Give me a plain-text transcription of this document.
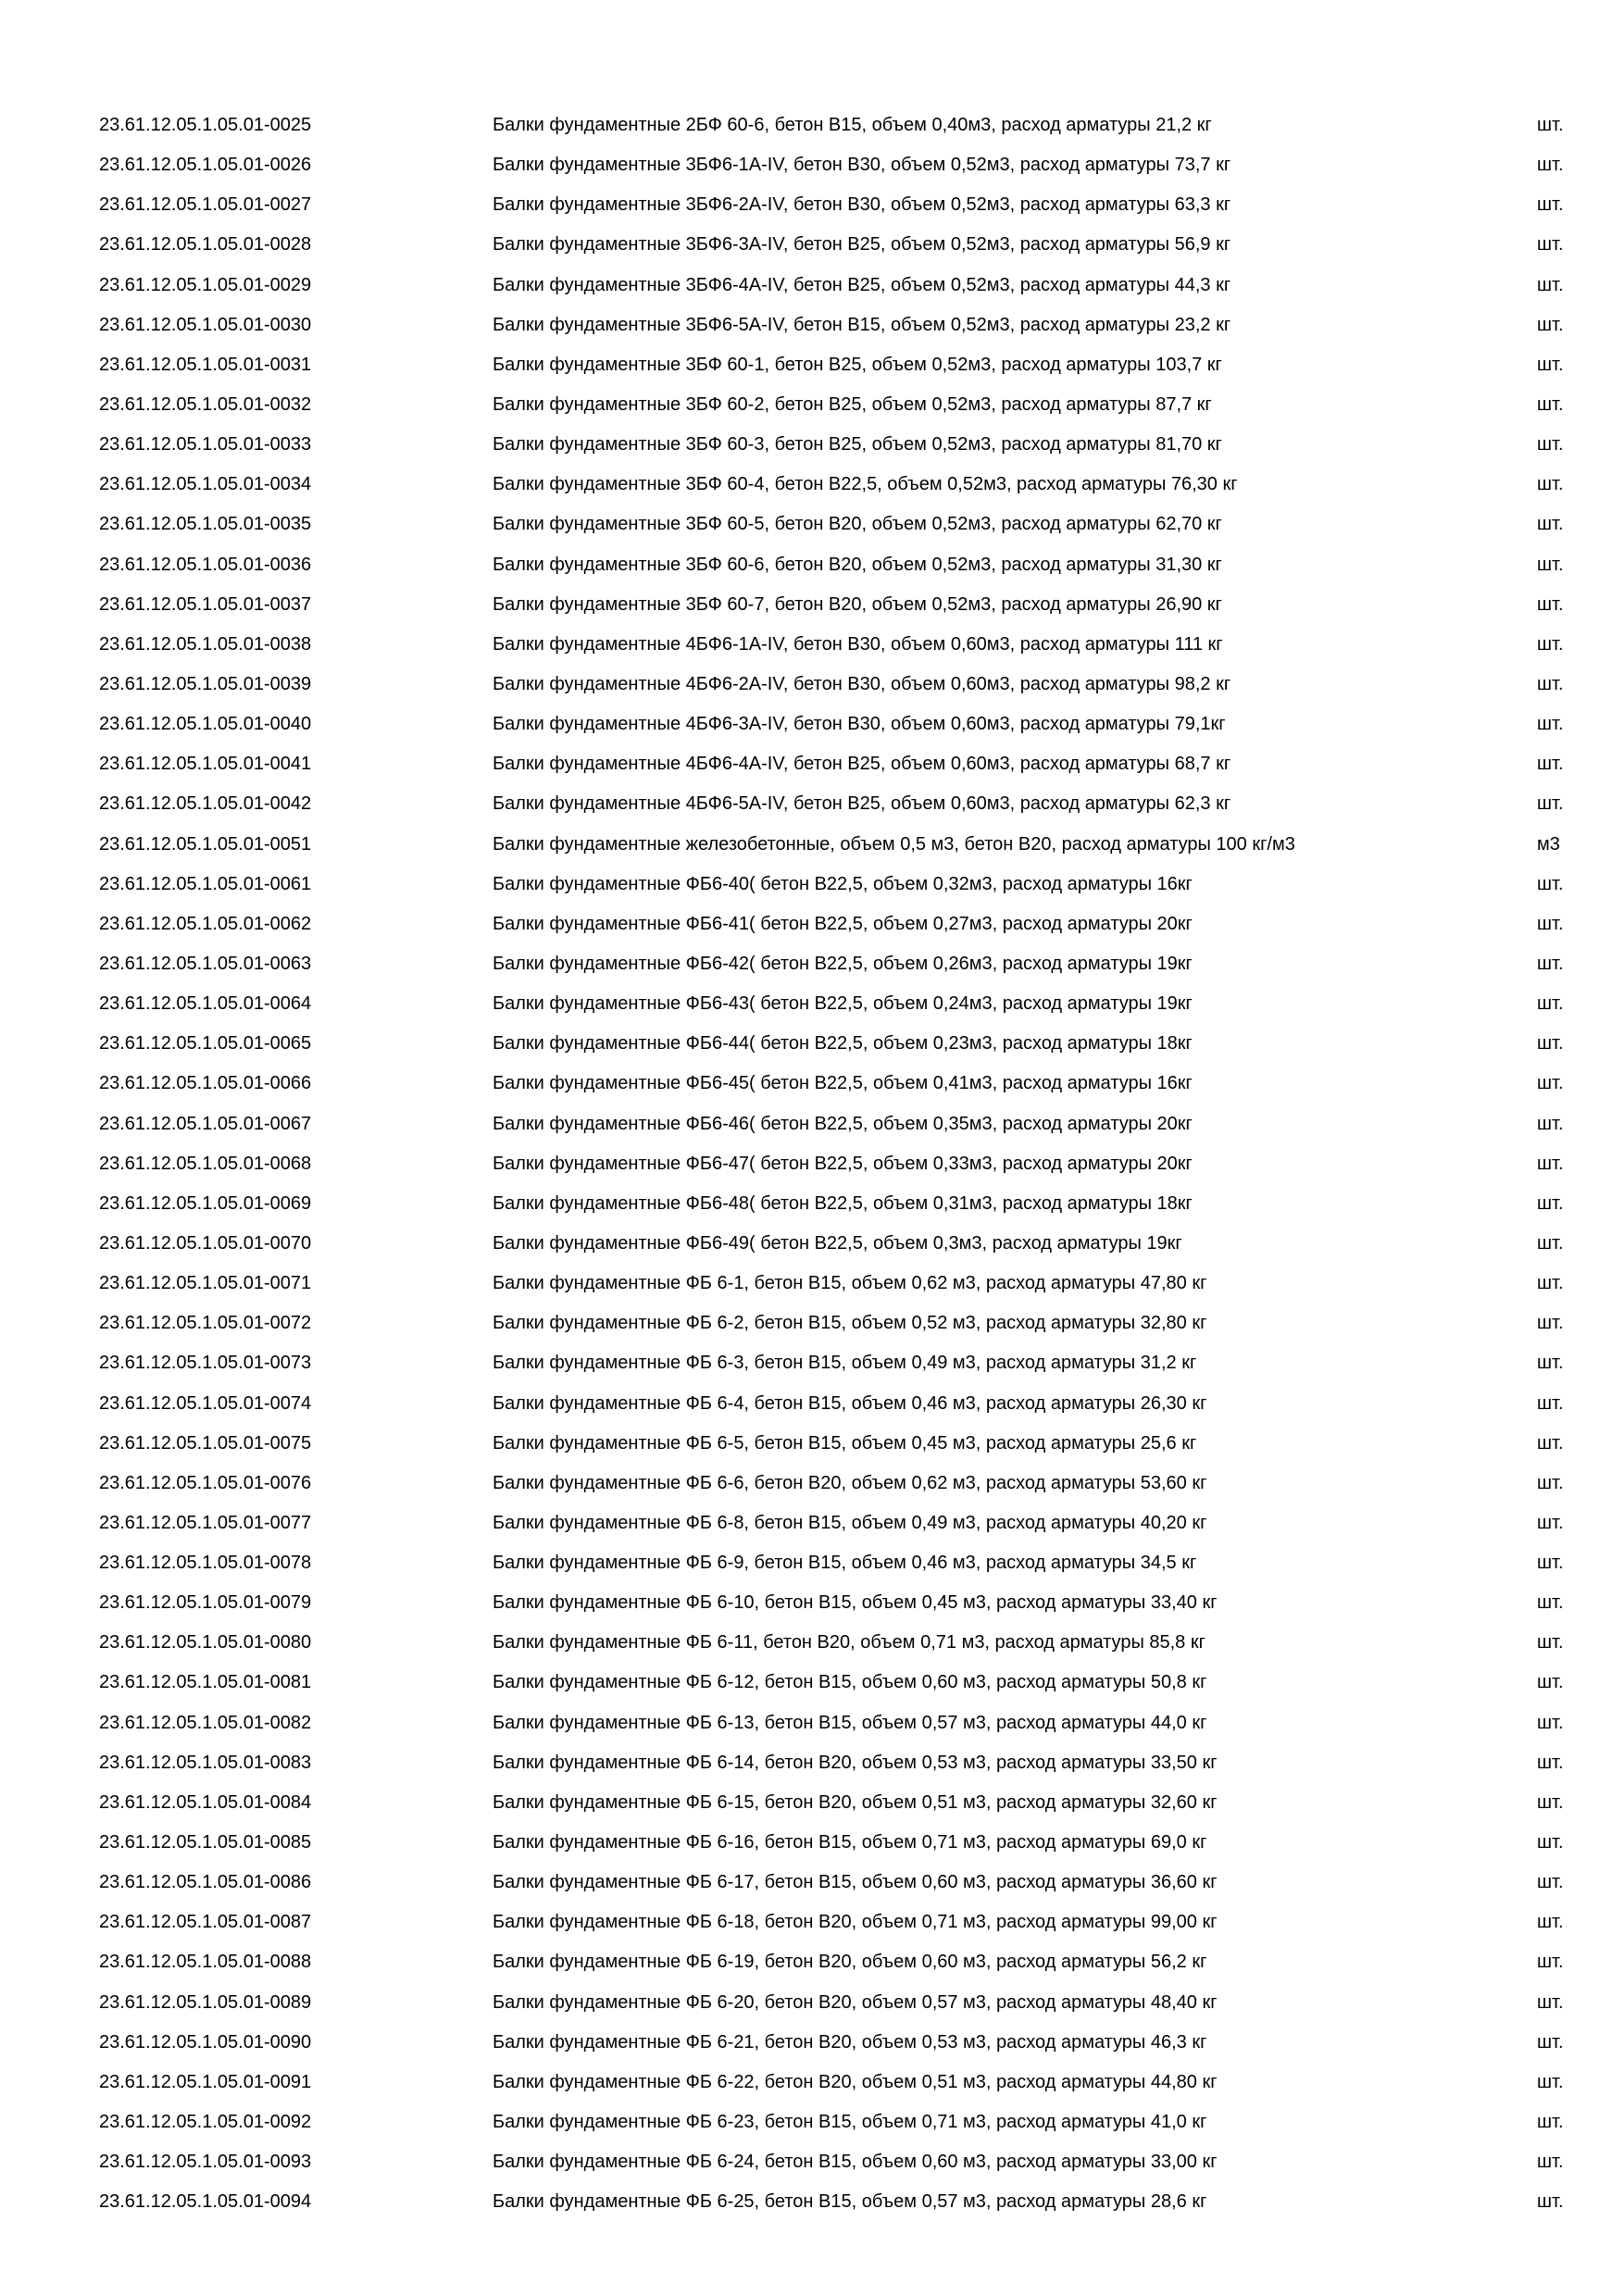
23.61.12.05.1.05.01-0025	Балки фундаментные 2БФ 60-6, бетон В15, объем 0,40м3, расход арматуры 21,2 кг	шт.
23.61.12.05.1.05.01-0026	Балки фундаментные 3БФ6-1А-IV, бетон В30, объем 0,52м3, расход арматуры 73,7 кг	шт.
23.61.12.05.1.05.01-0027	Балки фундаментные 3БФ6-2А-IV, бетон В30, объем 0,52м3, расход арматуры 63,3 кг	шт.
23.61.12.05.1.05.01-0028	Балки фундаментные 3БФ6-3А-IV, бетон В25, объем 0,52м3, расход арматуры 56,9 кг	шт.
23.61.12.05.1.05.01-0029	Балки фундаментные 3БФ6-4А-IV, бетон В25, объем 0,52м3, расход арматуры 44,3 кг	шт.
23.61.12.05.1.05.01-0030	Балки фундаментные 3БФ6-5А-IV, бетон В15, объем 0,52м3, расход арматуры 23,2 кг	шт.
23.61.12.05.1.05.01-0031	Балки фундаментные 3БФ 60-1, бетон В25, объем 0,52м3, расход арматуры 103,7 кг	шт.
23.61.12.05.1.05.01-0032	Балки фундаментные 3БФ 60-2, бетон В25, объем 0,52м3, расход арматуры 87,7 кг	шт.
23.61.12.05.1.05.01-0033	Балки фундаментные 3БФ 60-3, бетон В25, объем 0,52м3, расход арматуры 81,70 кг	шт.
23.61.12.05.1.05.01-0034	Балки фундаментные 3БФ 60-4, бетон В22,5, объем 0,52м3, расход арматуры 76,30 кг	шт.
23.61.12.05.1.05.01-0035	Балки фундаментные 3БФ 60-5, бетон В20, объем 0,52м3, расход арматуры 62,70 кг	шт.
23.61.12.05.1.05.01-0036	Балки фундаментные 3БФ 60-6, бетон В20, объем 0,52м3, расход арматуры 31,30 кг	шт.
23.61.12.05.1.05.01-0037	Балки фундаментные 3БФ 60-7, бетон В20, объем 0,52м3, расход арматуры 26,90 кг	шт.
23.61.12.05.1.05.01-0038	Балки фундаментные 4БФ6-1А-IV, бетон В30, объем 0,60м3, расход арматуры 111 кг	шт.
23.61.12.05.1.05.01-0039	Балки фундаментные 4БФ6-2А-IV, бетон В30, объем 0,60м3, расход арматуры 98,2 кг	шт.
23.61.12.05.1.05.01-0040	Балки фундаментные 4БФ6-3А-IV, бетон В30, объем 0,60м3, расход арматуры 79,1кг	шт.
23.61.12.05.1.05.01-0041	Балки фундаментные 4БФ6-4А-IV, бетон В25, объем 0,60м3, расход арматуры 68,7 кг	шт.
23.61.12.05.1.05.01-0042	Балки фундаментные 4БФ6-5А-IV, бетон В25, объем 0,60м3, расход арматуры 62,3 кг	шт.
23.61.12.05.1.05.01-0051	Балки фундаментные железобетонные, объем 0,5 м3, бетон В20, расход арматуры 100 кг/м3	м3
23.61.12.05.1.05.01-0061	Балки фундаментные ФБ6-40( бетон В22,5, объем 0,32м3, расход арматуры 16кг	шт.
23.61.12.05.1.05.01-0062	Балки фундаментные ФБ6-41( бетон В22,5, объем 0,27м3, расход арматуры 20кг	шт.
23.61.12.05.1.05.01-0063	Балки фундаментные ФБ6-42( бетон В22,5, объем 0,26м3, расход арматуры 19кг	шт.
23.61.12.05.1.05.01-0064	Балки фундаментные ФБ6-43( бетон В22,5, объем 0,24м3, расход арматуры 19кг	шт.
23.61.12.05.1.05.01-0065	Балки фундаментные ФБ6-44( бетон В22,5, объем 0,23м3, расход арматуры 18кг	шт.
23.61.12.05.1.05.01-0066	Балки фундаментные ФБ6-45( бетон В22,5, объем 0,41м3, расход арматуры 16кг	шт.
23.61.12.05.1.05.01-0067	Балки фундаментные ФБ6-46( бетон В22,5, объем 0,35м3, расход арматуры 20кг	шт.
23.61.12.05.1.05.01-0068	Балки фундаментные ФБ6-47( бетон В22,5, объем 0,33м3, расход арматуры 20кг	шт.
23.61.12.05.1.05.01-0069	Балки фундаментные ФБ6-48( бетон В22,5, объем 0,31м3, расход арматуры 18кг	шт.
23.61.12.05.1.05.01-0070	Балки фундаментные ФБ6-49( бетон В22,5, объем 0,3м3, расход арматуры 19кг	шт.
23.61.12.05.1.05.01-0071	Балки фундаментные ФБ 6-1, бетон В15, объем 0,62 м3, расход арматуры 47,80 кг	шт.
23.61.12.05.1.05.01-0072	Балки фундаментные ФБ 6-2, бетон В15, объем 0,52 м3, расход арматуры 32,80 кг	шт.
23.61.12.05.1.05.01-0073	Балки фундаментные ФБ 6-3, бетон В15, объем 0,49 м3, расход арматуры 31,2 кг	шт.
23.61.12.05.1.05.01-0074	Балки фундаментные ФБ 6-4, бетон В15, объем 0,46 м3, расход арматуры 26,30 кг	шт.
23.61.12.05.1.05.01-0075	Балки фундаментные ФБ 6-5, бетон В15, объем 0,45 м3, расход арматуры 25,6 кг	шт.
23.61.12.05.1.05.01-0076	Балки фундаментные ФБ 6-6, бетон В20, объем 0,62 м3, расход арматуры 53,60 кг	шт.
23.61.12.05.1.05.01-0077	Балки фундаментные ФБ 6-8, бетон В15, объем 0,49 м3, расход арматуры 40,20 кг	шт.
23.61.12.05.1.05.01-0078	Балки фундаментные ФБ 6-9, бетон В15, объем 0,46 м3, расход арматуры 34,5 кг	шт.
23.61.12.05.1.05.01-0079	Балки фундаментные ФБ 6-10, бетон В15, объем 0,45 м3, расход арматуры 33,40 кг	шт.
23.61.12.05.1.05.01-0080	Балки фундаментные ФБ 6-11, бетон В20, объем 0,71 м3, расход арматуры 85,8 кг	шт.
23.61.12.05.1.05.01-0081	Балки фундаментные ФБ 6-12, бетон В15, объем 0,60 м3, расход арматуры 50,8 кг	шт.
23.61.12.05.1.05.01-0082	Балки фундаментные ФБ 6-13, бетон В15, объем 0,57 м3, расход арматуры 44,0 кг	шт.
23.61.12.05.1.05.01-0083	Балки фундаментные ФБ 6-14, бетон В20, объем 0,53 м3, расход арматуры 33,50 кг	шт.
23.61.12.05.1.05.01-0084	Балки фундаментные ФБ 6-15, бетон В20, объем 0,51 м3, расход арматуры 32,60 кг	шт.
23.61.12.05.1.05.01-0085	Балки фундаментные ФБ 6-16, бетон В15, объем 0,71 м3, расход арматуры 69,0 кг	шт.
23.61.12.05.1.05.01-0086	Балки фундаментные ФБ 6-17, бетон В15, объем 0,60 м3, расход арматуры 36,60 кг	шт.
23.61.12.05.1.05.01-0087	Балки фундаментные ФБ 6-18, бетон В20, объем 0,71 м3, расход арматуры 99,00 кг	шт.
23.61.12.05.1.05.01-0088	Балки фундаментные ФБ 6-19, бетон В20, объем 0,60 м3, расход арматуры 56,2 кг	шт.
23.61.12.05.1.05.01-0089	Балки фундаментные ФБ 6-20, бетон В20, объем 0,57 м3, расход арматуры 48,40 кг	шт.
23.61.12.05.1.05.01-0090	Балки фундаментные ФБ 6-21, бетон В20, объем 0,53 м3, расход арматуры 46,3 кг	шт.
23.61.12.05.1.05.01-0091	Балки фундаментные ФБ 6-22, бетон В20, объем 0,51 м3, расход арматуры 44,80 кг	шт.
23.61.12.05.1.05.01-0092	Балки фундаментные ФБ 6-23, бетон В15, объем 0,71 м3, расход арматуры 41,0 кг	шт.
23.61.12.05.1.05.01-0093	Балки фундаментные ФБ 6-24, бетон В15, объем 0,60 м3, расход арматуры 33,00 кг	шт.
23.61.12.05.1.05.01-0094	Балки фундаментные ФБ 6-25, бетон В15, объем 0,57 м3, расход арматуры 28,6 кг	шт.
